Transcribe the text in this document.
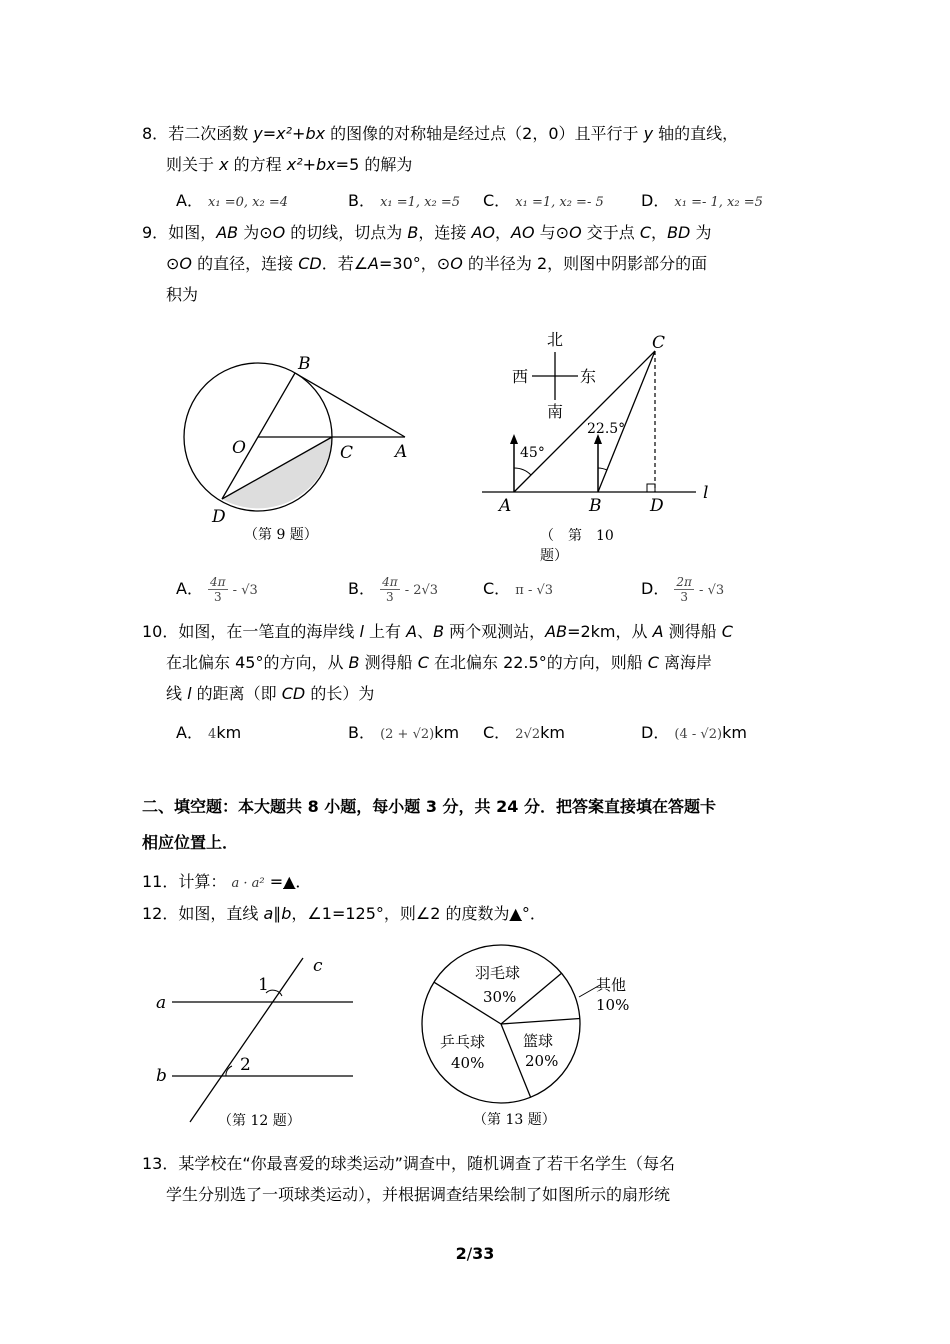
8．若二次函数 y=x²+bx 的图像的对称轴是经过点（2，0）且平行于 y 轴的直线，
则关于 x 的方程 x²+bx=5 的解为
A． x₁ =0, x₂ =4	B． x₁ =1, x₂ =5 C． x₁ =1, x₂ =- 5 D． x₁ =- 1, x₂ =5
9．如图，AB 为⊙O 的切线，切点为 B，连接 AO，AO 与⊙O 交于点 C，BD 为
⊙O 的直径，连接 CD．若∠A=30°，⊙O 的半径为 2，则图中阴影部分的面
积为
B
O	C A
D
（第 9 题）
北
南
西	东
45°
22.5°
C
A	B	D
l
（　第　10
题）
A． $\frac{4\pi}{3} - √3$	B． $\frac{4\pi}{3} - 2√3$	C． π - √3	D． $\frac{2\pi}{3} - √3$
10．如图，在一笔直的海岸线 l 上有 A、B 两个观测站，AB=2km，从 A 测得船 C
在北偏东 45°的方向，从 B 测得船 C 在北偏东 22.5°的方向，则船 C 离海岸
线 l 的距离（即 CD 的长）为
A． 4km	B． (2 + √2)km C． 2√2km	D． (4 - √2)km
二、填空题：本大题共 8 小题，每小题 3 分，共 24 分．把答案直接填在答题卡
相应位置上．
11．计算： a · a² =▲．
12．如图，直线 a∥b，∠1=125°，则∠2 的度数为▲°．
a
b
c
1
2
（第 12 题）
羽毛球
30%
其他
10%
篮球
20%
乒乓球
40%
（第 13 题）
13．某学校在“你最喜爱的球类运动”调查中，随机调查了若干名学生（每名
学生分别选了一项球类运动），并根据调查结果绘制了如图所示的扇形统
2/33
